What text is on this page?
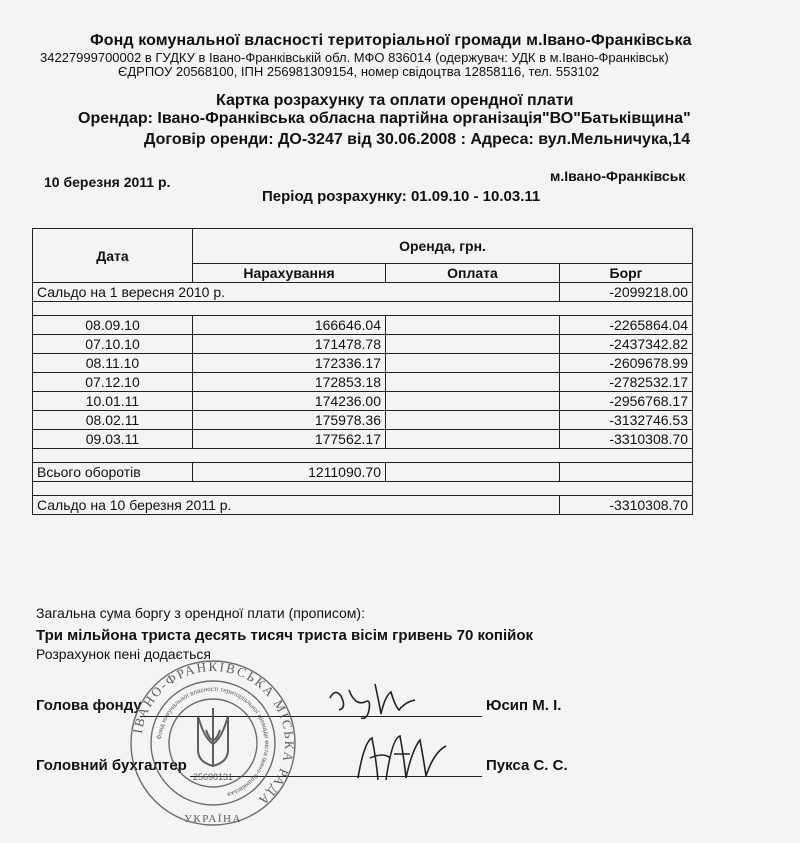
Фонд комунальної власності територіальної громади м.Івано-Франківська
34227999700002 в ГУДКУ в Івано-Франківській обл. МФО 836014 (одержувач: УДК в м.Івано-Франківськ)
ЄДРПОУ 20568100, ІПН 256981309154, номер свідоцтва 12858116, тел. 553102
Картка розрахунку та оплати орендної плати
Орендар: Івано-Франківська обласна партійна організація"ВО"Батьківщина"
Договір оренди: ДО-3247 від 30.06.2008 : Адреса: вул.Мельничука,14
10 березня 2011 р.	м.Івано-Франківськ
Період розрахунку: 01.09.10 - 10.03.11
Дата	Оренда, грн.		
	Нарахування	Оплата	Борг
Сальдо на 1 вересня 2010 р.			-2099218.00

08.09.10	166646.04		-2265864.04
07.10.10	171478.78		-2437342.82
08.11.10	172336.17		-2609678.99
07.12.10	172853.18		-2782532.17
10.01.11	174236.00		-2956768.17
08.02.11	175978.36		-3132746.53
09.03.11	177562.17		-3310308.70

Всього оборотів	1211090.70		

Сальдо на 10 березня 2011 р.			-3310308.70
Загальна сума боргу з орендної плати (прописом):
Три мільйона триста десять тисяч триста вісім гривень 70 копійок
Розрахунок пені додається
Голова фонду	Юсип М. І.
Головний бухгалтер	Пукса С. С.
ІВАНО-ФРАНКІВСЬКА МІСЬКА РАДА
Фонд комунальної власності територіальної громади міста Івано-Франківська
25698131
УКРАЇНА
